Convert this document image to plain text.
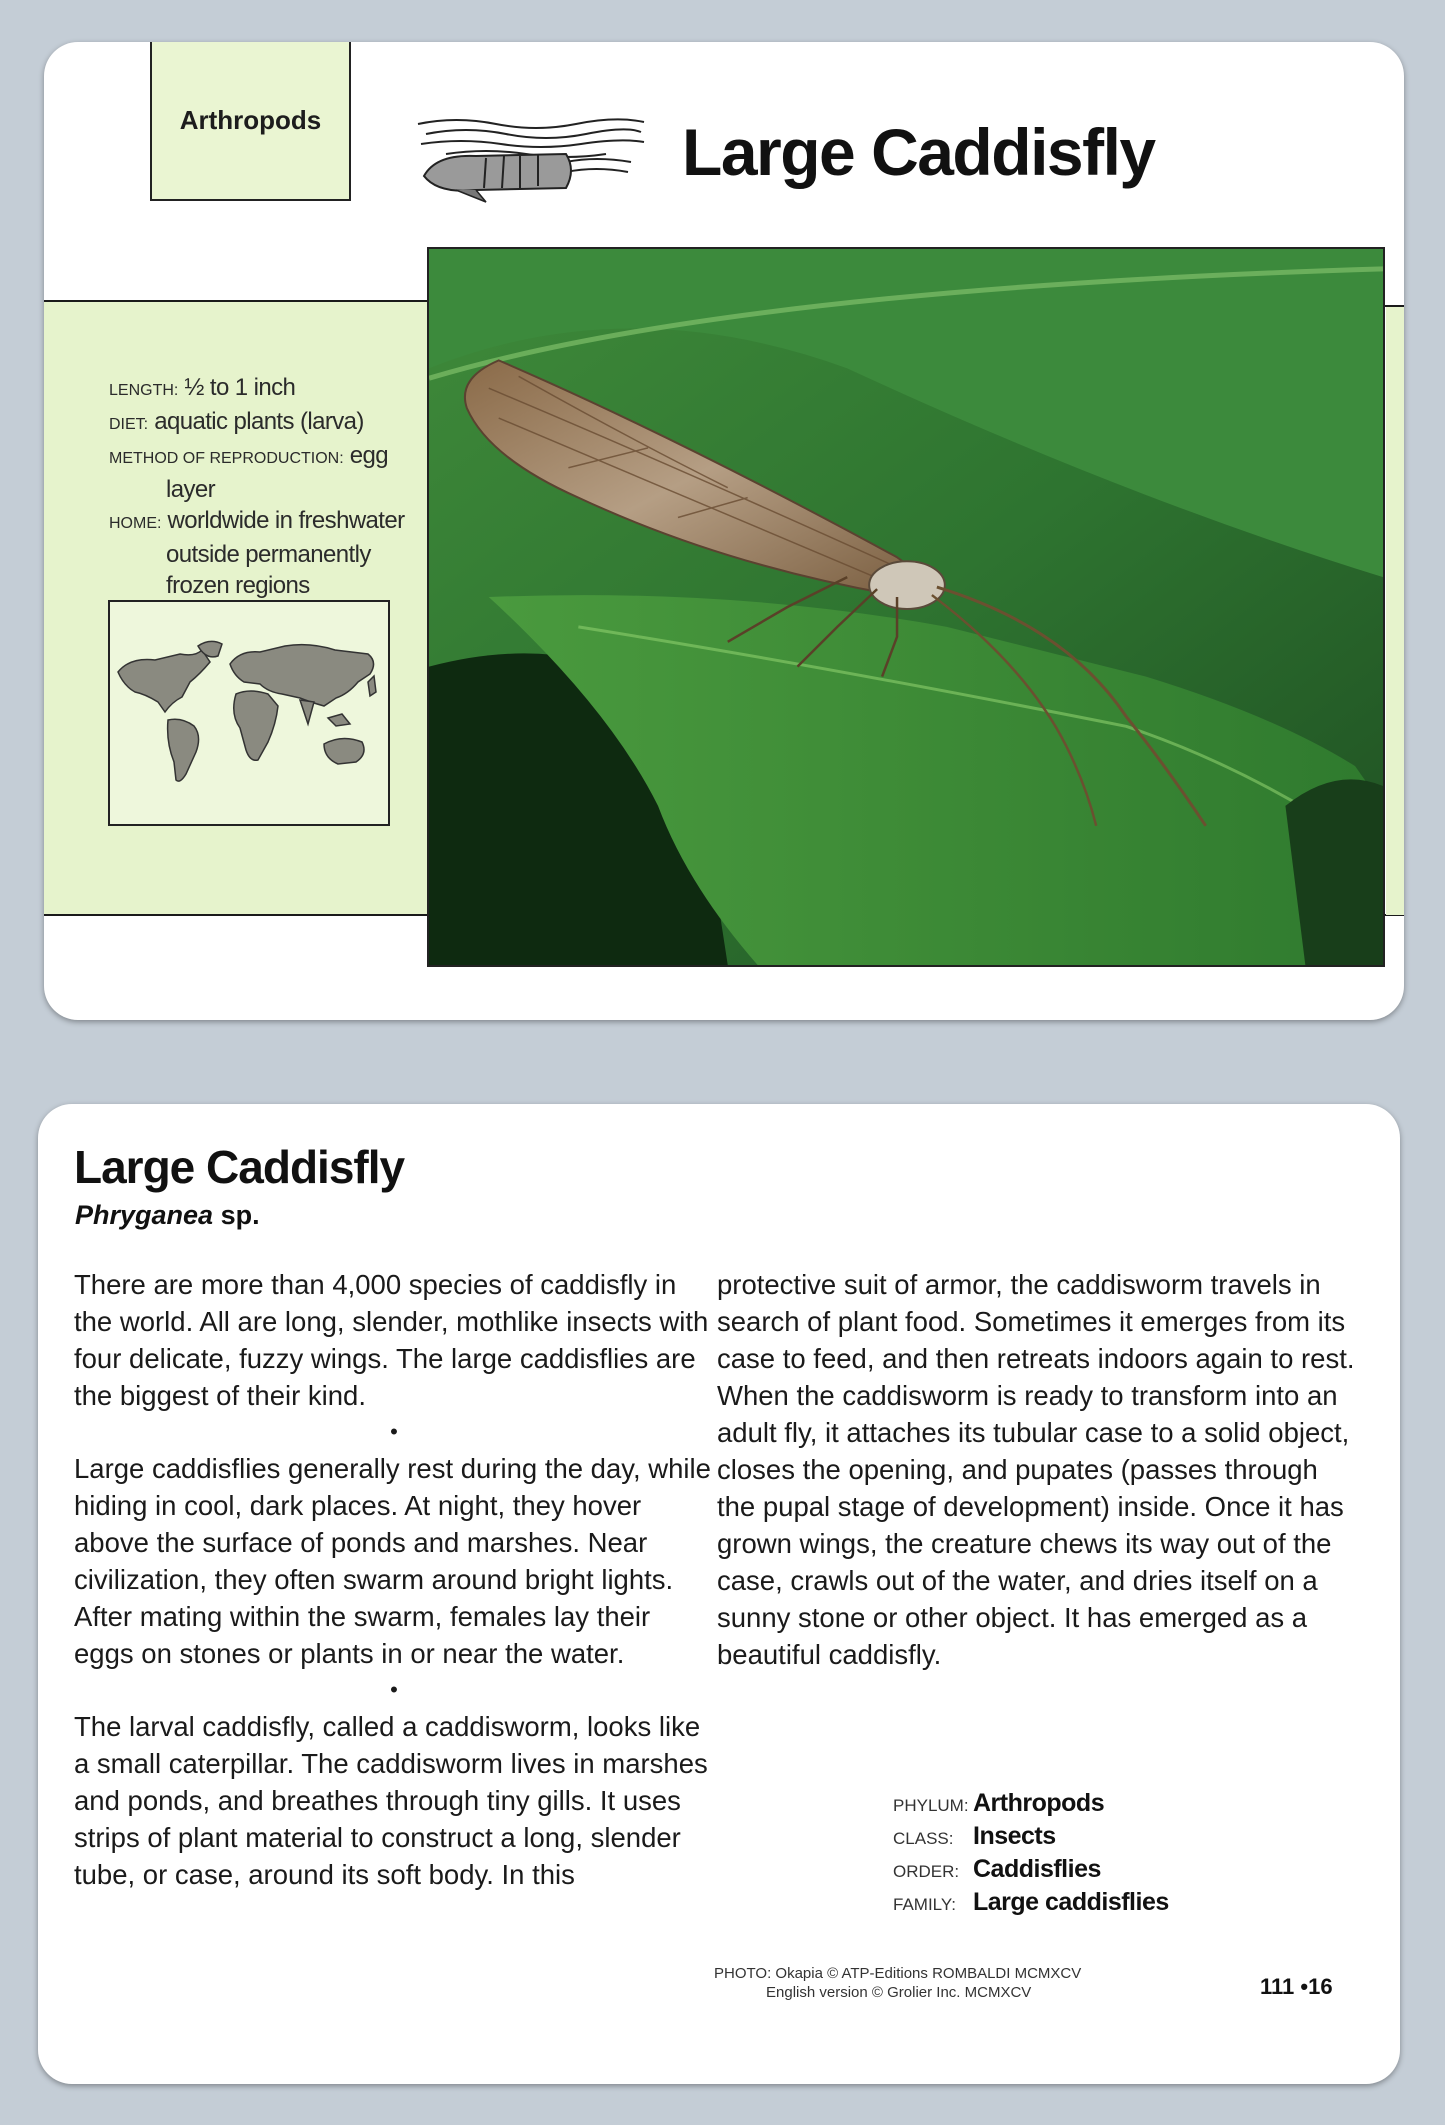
Arthropods	Large Caddisfly
LENGTH: ½ to 1 inch
DIET: aquatic plants (larva)
METHOD OF REPRODUCTION: egg
layer
HOME: worldwide in freshwater
outside permanently
frozen regions
Large Caddisfly
Phryganea sp.

There are more than 4,000 species of caddisfly in the world. All are long, slender, mothlike insects with four delicate, fuzzy wings. The large caddisflies are the biggest of their kind.

•

Large caddisflies generally rest during the day, while hiding in cool, dark places. At night, they hover above the surface of ponds and marshes. Near civilization, they often swarm around bright lights. After mating within the swarm, females lay their eggs on stones or plants in or near the water.

•

The larval caddisfly, called a caddisworm, looks like a small caterpillar. The caddisworm lives in marshes and ponds, and breathes through tiny gills. It uses strips of plant material to construct a long, slender tube, or case, around its soft body. In this

protective suit of armor, the caddisworm travels in search of plant food. Sometimes it emerges from its case to feed, and then retreats indoors again to rest. When the caddisworm is ready to transform into an adult fly, it attaches its tubular case to a solid object, closes the opening, and pupates (passes through the pupal stage of development) inside. Once it has grown wings, the creature chews its way out of the case, crawls out of the water, and dries itself on a sunny stone or other object. It has emerged as a beautiful caddisfly.

PHYLUM: Arthropods
CLASS: Insects
ORDER: Caddisflies
FAMILY: Large caddisflies
PHOTO: Okapia © ATP-Editions ROMBALDI MCMXCV
English version © Grolier Inc. MCMXCV	111 •16
